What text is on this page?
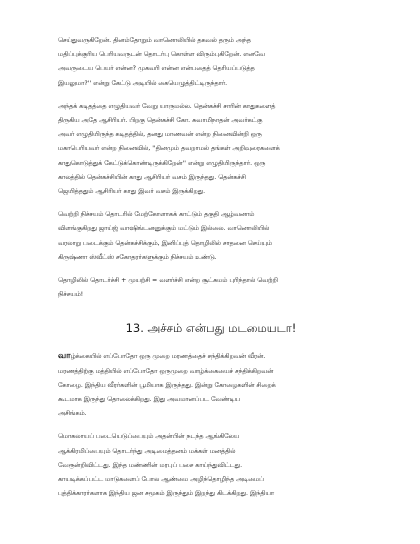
செய்துவருகிறேன். தினம்தோறும் வானொலியில் தகவல் தரும் அந்த
மதிப்புக்குரிய பெரியவருடன் தொடர்பு கொள்ள விரும்புகிறேன். எனவே
அவருடைய பெயர் என்ன? முகவரி என்ன என்பதைத் தெரியப்படுத்த
இயலுமா?'' என்று கேட்டு அடியில் கையெழுத்திட்டிருந்தார்.

அந்தக் கடிதத்தை எழுதியவர் வேறு யாருமல்ல. தென்கச்சி சாரின் காதுகளைத்
திருகிய அதே ஆசிரியர். பிறகு தென்கச்சி கோ. சுவாமிநாதன் அவர்கட்கு
அவர் எழுதியிருந்த கடிதத்தில், தனது மாணவன் என்ற நினைவின்றி ஒரு
மகாபெரியவர் என்ற நினைவில், ''தினமும் தவறாமல் தங்கள் அறிவுரைகளைக்
காதுகொடுத்துக் கேட்டுக்கொண்டிருக்கிறேன்'' என்று எழுதியிருந்தார். ஒரு
காலத்தில் தென்கச்சியின் காது ஆசிரியர் வசம் இருந்தது. தென்கச்சி
ஜெயித்ததும் ஆசிரியர் காது இவர் வசம் இருக்கிறது.

வெற்றி நிச்சயம் தொடரில் மேற்கோளாகக் காட்டும் தகுதி ஆழ்வனாம்
விளங்குகிறது ஜாய்ஜ் வாஷிங்டனனுக்கும் மட்டும் இல்லை. வானொலியில்
வரலாறு படைக்கும் தென்கச்சிக்கும், இனிப்புத் தொழிலில் சாதனை செய்யும்
கிருஷ்ணா ஸ்வீட்ஸ் சகோதரர்களுக்கும் நிச்சயம் உண்டு.

தொழிலில் தொடர்ச்சி + முயற்சி = வளர்ச்சி என்ற சூட்சுமம் புரிந்தால் வெற்றி
நிச்சயம்!

13. அச்சம் என்பது மடமையடா!

வாழ்க்கையில் எப்போதோ ஒரு முறை மரணத்தைச் சந்திக்கிறவன் வீரன்.
மரணத்திற்கு மத்தியில் எப்போதோ ஒருமுறை வாழ்க்கையைச் சந்திக்கிறவன்
கோழை. இந்திய வீரர்களின் பூமியாக இருந்தது. இன்று கோழைகளின் சிறைக்
கூடமாக இருந்து தொலைக்கிறது. இது அவமானப்பட வேண்டிய
அசிங்கம்.

மொகலாயப் படையெடுப்பையும் அதன்பின் நடந்த ஆங்கிலேய
ஆக்கிரமிப்பையும் தொடர்ந்து அடிமைத்தனம் மக்கள் மனத்தில்
வேரூன்றிவிட்டது. இந்த மண்ணின் மரபுப் பசை காய்ந்துவிட்டது.
காயடிக்கப்பட்ட மாடுகளைப் போல ஆண்மை அழிந்தொழிந்த அடிமைப்
புத்திக்காரர்களாக இந்திய ஜன சமூகம் இருந்தும் இறந்து கிடக்கிறது. இந்தியா
